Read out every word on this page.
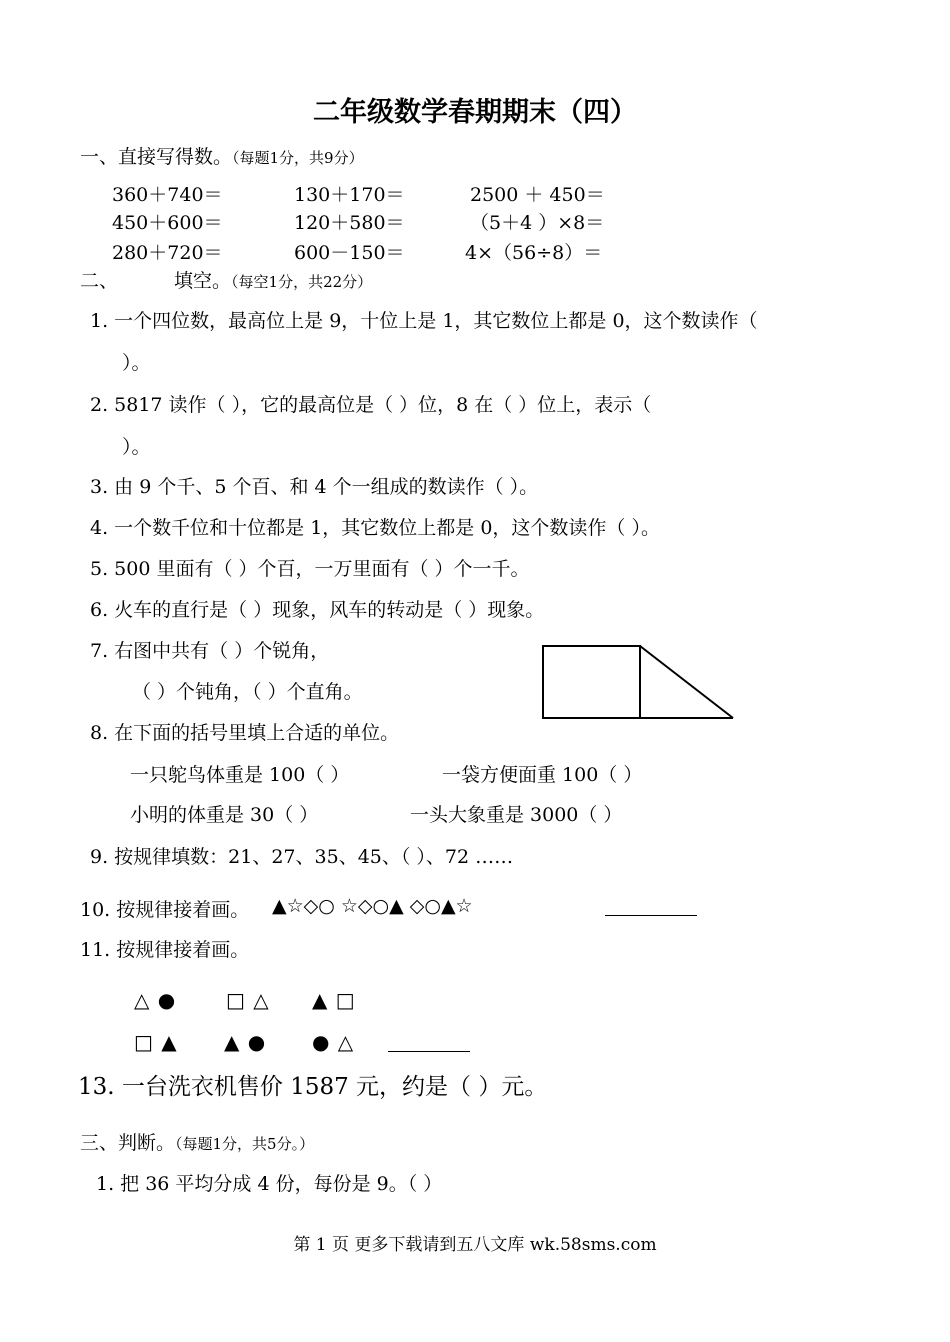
二年级数学春期期末（四）
一、直接写得数。（每题1分，共9分）
360＋740＝	130＋170＝	2500 ＋ 450＝
450＋600＝	120＋580＝	（5＋4 ）×8＝
280＋720＝	600－150＝	4×（56÷8）＝
二、	填空。（每空1分，共22分）
1. 一个四位数，最高位上是 9，十位上是 1，其它数位上都是 0，这个数读作（
）。
2. 5817 读作（ ），它的最高位是（ ）位，8 在（ ）位上，表示（
）。
3. 由 9 个千、5 个百、和 4 个一组成的数读作（ ）。
4. 一个数千位和十位都是 1，其它数位上都是 0，这个数读作（ ）。
5. 500 里面有（ ）个百，一万里面有（ ）个一千。
6. 火车的直行是（ ）现象，风车的转动是（ ）现象。
7. 右图中共有（ ）个锐角，
（ ）个钝角，（ ）个直角。
8. 在下面的括号里填上合适的单位。
一只鸵鸟体重是 100（ ）	一袋方便面重 100（ ）
小明的体重是 30（ ）	一头大象重是 3000（ ）
9. 按规律填数：21、27、35、45、（ ）、72 ……
10. 按规律接着画。 ▲☆◇○ ☆◇○▲ ◇○▲☆
11. 按规律接着画。
△ ● □ △ ▲ □
□ ▲ ▲ ● ● △
13. 一台洗衣机售价 1587 元，约是（ ）元。
三、判断。（每题1分，共5分。）
1. 把 36 平均分成 4 份，每份是 9。（ ）
第 1 页 更多下载请到五八文库 wk.58sms.com
